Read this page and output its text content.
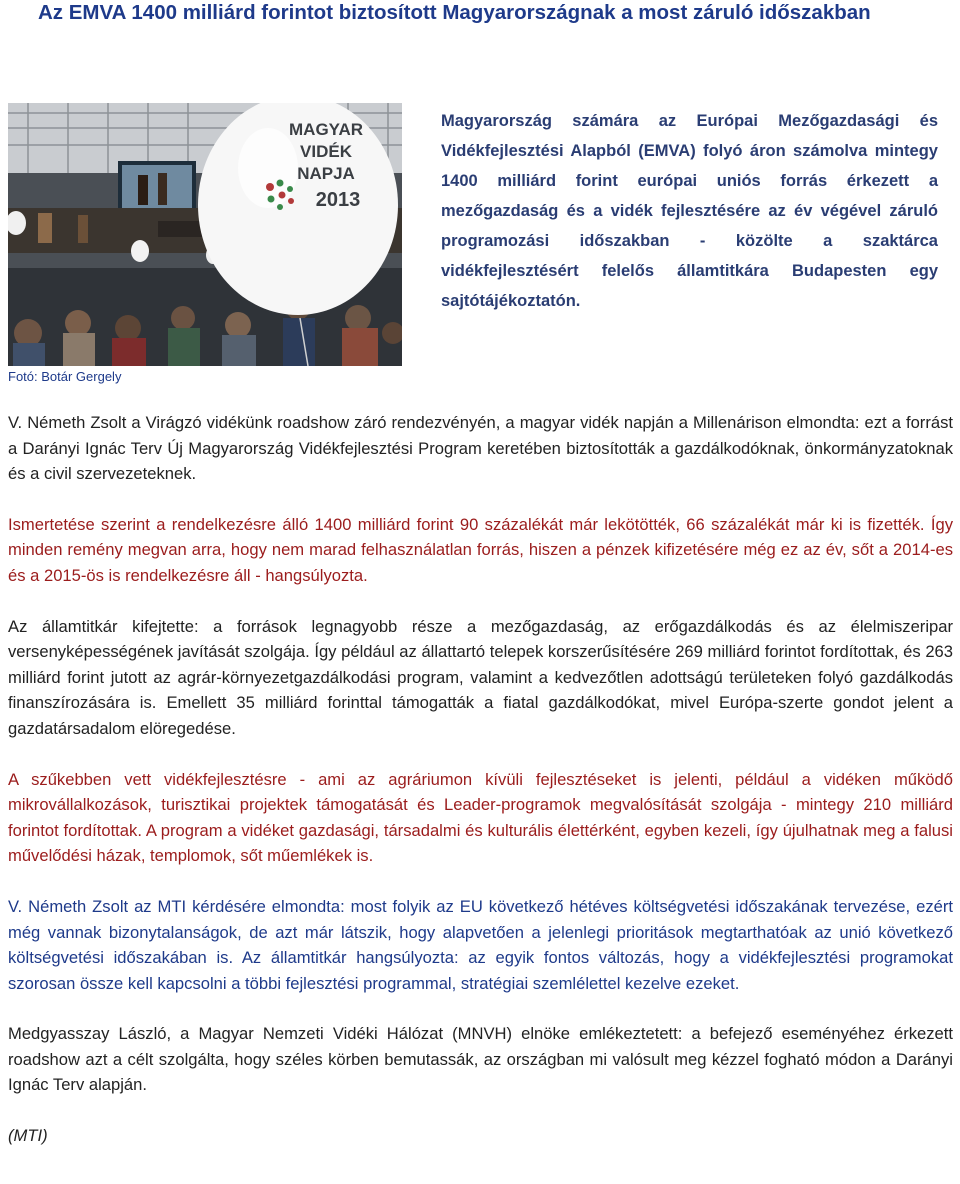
Az EMVA 1400 milliárd forintot biztosított Magyarországnak a most záruló időszakban
MAGYAR
VIDÉK
NAPJA
2013

Magyarország számára az Európai Mezőgazdasági és Vidékfejlesztési Alapból (EMVA) folyó áron számolva mintegy 1400 milliárd forint európai uniós forrás érkezett a mezőgazdaság és a vidék fejlesztésére az év végével záruló programozási időszakban - közölte a szaktárca vidékfejlesztésért felelős államtitkára Budapesten egy sajtótájékoztatón.

Fotó: Botár Gergely

V. Németh Zsolt a Virágzó vidékünk roadshow záró rendezvényén, a magyar vidék napján a Millenárison elmondta: ezt a forrást a Darányi Ignác Terv Új Magyarország Vidékfejlesztési Program keretében biztosították a gazdálkodóknak, önkormányzatoknak és a civil szervezeteknek.

Ismertetése szerint a rendelkezésre álló 1400 milliárd forint 90 százalékát már lekötötték, 66 százalékát már ki is fizették. Így minden remény megvan arra, hogy nem marad felhasználatlan forrás, hiszen a pénzek kifizetésére még ez az év, sőt a 2014-es és a 2015-ös is rendelkezésre áll - hangsúlyozta.

Az államtitkár kifejtette: a források legnagyobb része a mezőgazdaság, az erőgazdálkodás és az élelmiszeripar versenyképességének javítását szolgája. Így például az állattartó telepek korszerűsítésére 269 milliárd forintot fordítottak, és 263 milliárd forint jutott az agrár-környezetgazdálkodási program, valamint a kedvezőtlen adottságú területeken folyó gazdálkodás finanszírozására is. Emellett 35 milliárd forinttal támogatták a fiatal gazdálkodókat, mivel Európa-szerte gondot jelent a gazdatársadalom elöregedése.

A szűkebben vett vidékfejlesztésre - ami az agráriumon kívüli fejlesztéseket is jelenti, például a vidéken működő mikrovállalkozások, turisztikai projektek támogatását és Leader-programok megvalósítását szolgája - mintegy 210 milliárd forintot fordítottak. A program a vidéket gazdasági, társadalmi és kulturális élettérként, egyben kezeli, így újulhatnak meg a falusi művelődési házak, templomok, sőt műemlékek is.

V. Németh Zsolt az MTI kérdésére elmondta: most folyik az EU következő hétéves költségvetési időszakának tervezése, ezért még vannak bizonytalanságok, de azt már látszik, hogy alapvetően a jelenlegi prioritások megtarthatóak az unió következő költségvetési időszakában is. Az államtitkár hangsúlyozta: az egyik fontos változás, hogy a vidékfejlesztési programokat szorosan össze kell kapcsolni a többi fejlesztési programmal, stratégiai szemlélettel kezelve ezeket.

Medgyasszay László, a Magyar Nemzeti Vidéki Hálózat (MNVH) elnöke emlékeztetett: a befejező eseményéhez érkezett roadshow azt a célt szolgálta, hogy széles körben bemutassák, az országban mi valósult meg kézzel fogható módon a Darányi Ignác Terv alapján.

(MTI)
